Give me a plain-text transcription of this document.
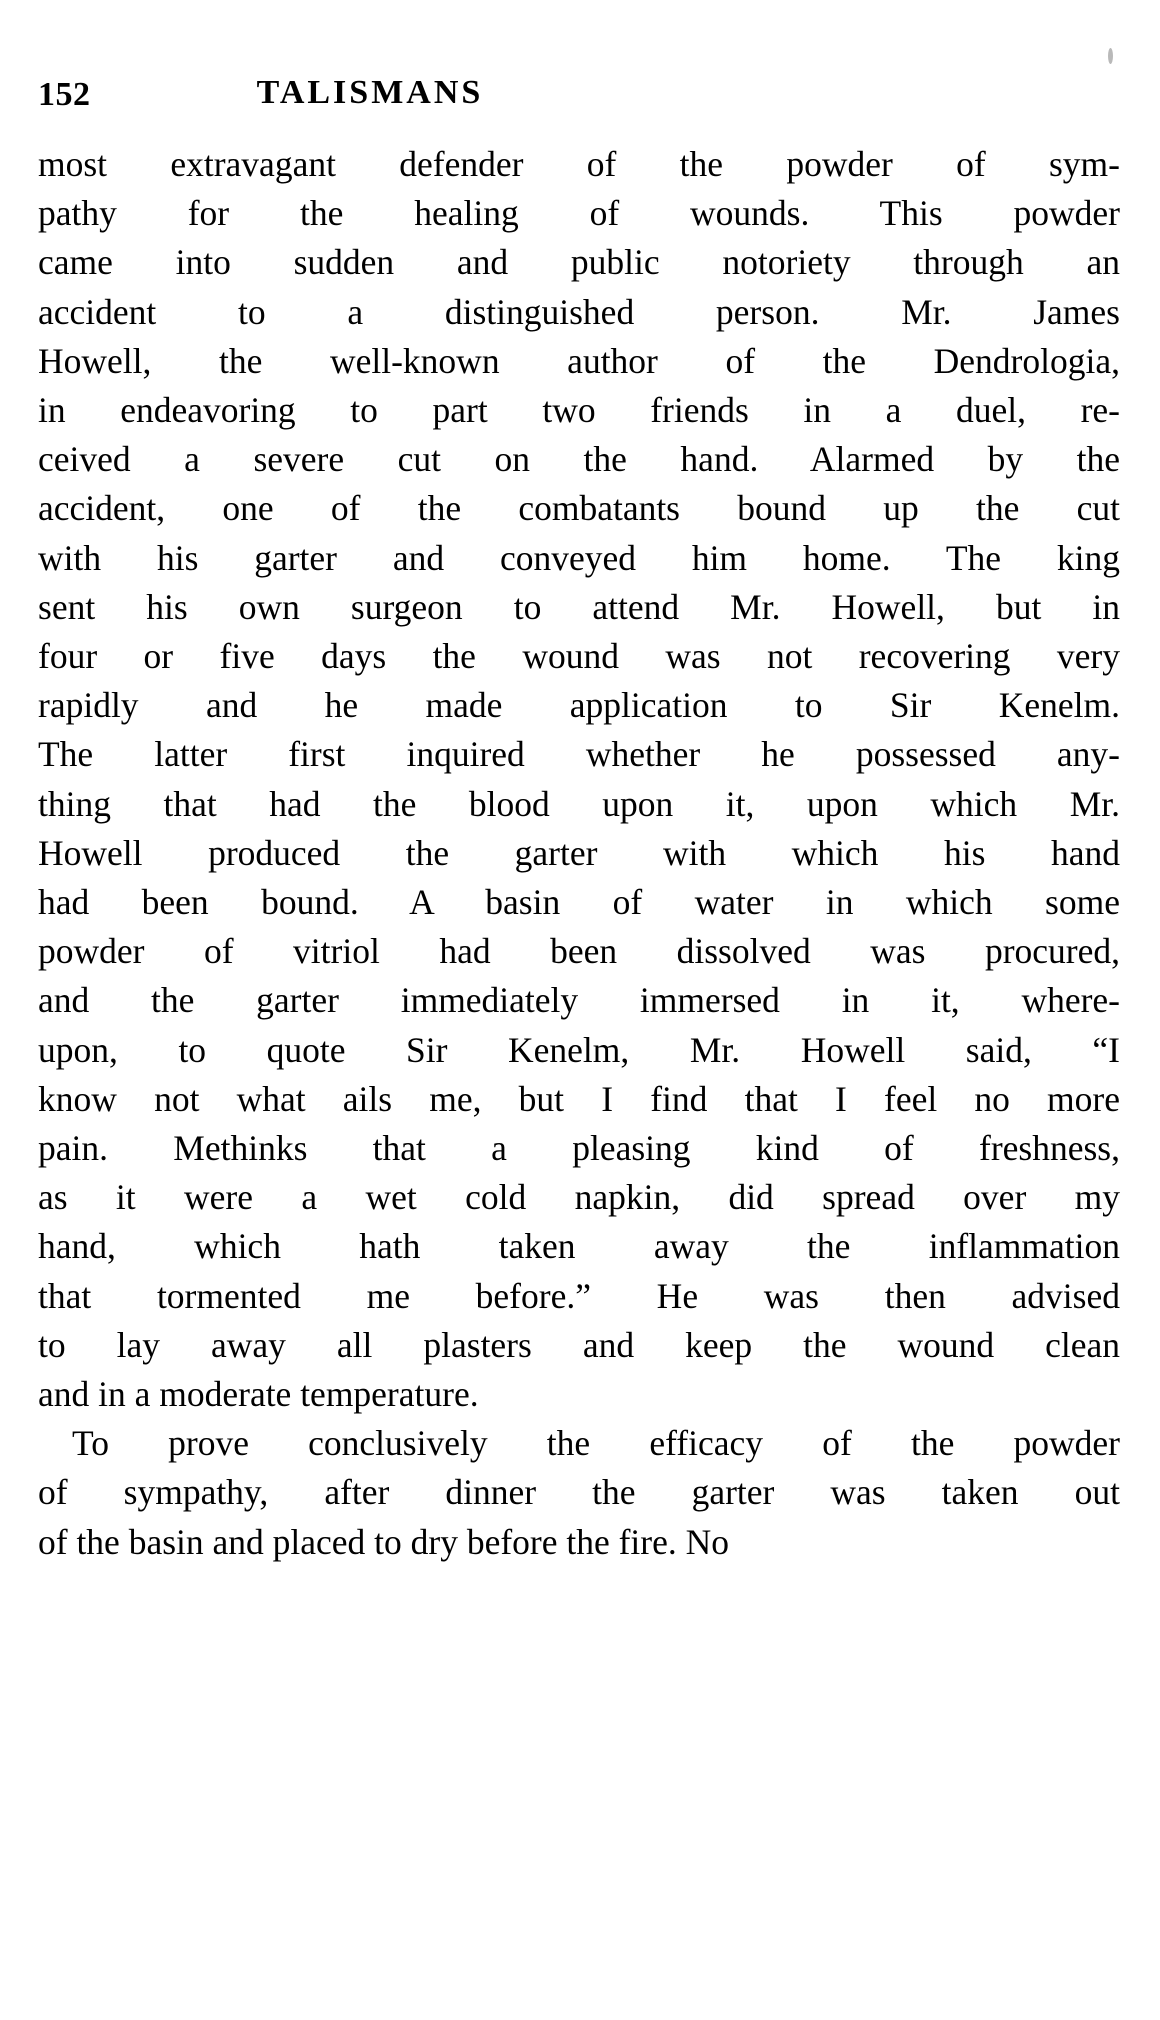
152	TALISMANS

most extravagant defender of the powder of sym-
pathy for the healing of wounds. This powder
came into sudden and public notoriety through an
accident to a distinguished person. Mr. James
Howell, the well-known author of the Dendrologia,
in endeavoring to part two friends in a duel, re-
ceived a severe cut on the hand. Alarmed by the
accident, one of the combatants bound up the cut
with his garter and conveyed him home. The king
sent his own surgeon to attend Mr. Howell, but in
four or five days the wound was not recovering very
rapidly and he made application to Sir Kenelm.
The latter first inquired whether he possessed any-
thing that had the blood upon it, upon which Mr.
Howell produced the garter with which his hand
had been bound. A basin of water in which some
powder of vitriol had been dissolved was procured,
and the garter immediately immersed in it, where-
upon, to quote Sir Kenelm, Mr. Howell said, “I
know not what ails me, but I find that I feel no more
pain. Methinks that a pleasing kind of freshness,
as it were a wet cold napkin, did spread over my
hand, which hath taken away the inflammation
that tormented me before.” He was then advised
to lay away all plasters and keep the wound clean
and in a moderate temperature.

To prove conclusively the efficacy of the powder
of sympathy, after dinner the garter was taken out
of the basin and placed to dry before the fire. No
